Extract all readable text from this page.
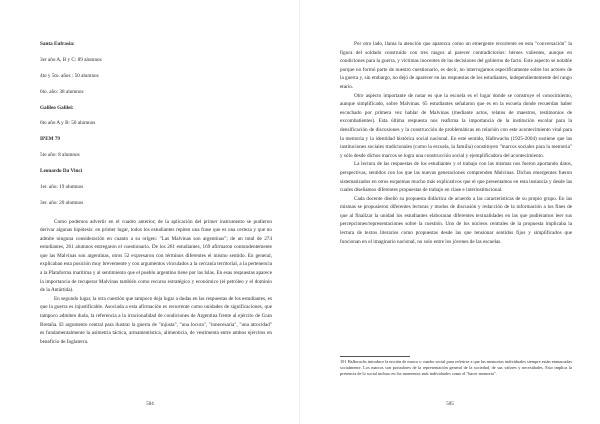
Santa Eufrasia:
3er año A, B y C: 89 alumnos
4to y 5to. años : 50 alumnos
6to. año: 38 alumnos
Galileo Galilei:
6to año A y B: 50 alumnos
IPEM 79
5to año: 8 alumnos
Leonardo Da Vinci
1er. año: 19 alumnos
3er. año: 20 alumnos

Como podemos advertir en el cuadro anterior, de la aplicación del primer instrumento se pudieron derivar algunas hipótesis: en primer lugar, todos los estudiantes repiten una frase que es una certeza y que no admite ninguna consideración en cuanto a su origen: "Las Malvinas son argentinas"; de un total de 274 estudiantes, 261 alumnos entregaron el cuestionario. De los 261 estudiantes, 169 afirmaron contundentemente que las Malvinas son argentinas, otros 52 expresaron con términos diferentes el mismo sentido. En general, explicaban esta posición muy brevemente y con argumentos vinculados a la cercanía territorial, a la pertenencia a la Plataforma marítima y al sentimiento que el pueblo argentino tiene por las Islas. En esas respuestas aparece la importancia de recuperar Malvinas también como recurso estratégico y económico (el petróleo y el dominio de la Antártida).

En segundo lugar, la otra cuestión que tampoco deja lugar a dudas en las respuestas de los estudiantes, es que la guerra es injustificable. Asociada a esta afirmación es recurrente como unidades de significaciones, que tampoco admiten duda, la referencia a la irracionalidad de condiciones de Argentina frente al ejército de Gran Bretaña. El argumento central para ilustrar la guerra de "injusta", "una locura", "innecesaria", "una atrocidad" es fundamentalmente la asimetría táctica, armamentística, alimenticia, de vestimenta entre ambos ejércitos en beneficio de Inglaterra.

504

Por otro lado, llama la atención que aparezca como un emergente recurrente en esta "conversación" la figura del soldado construido con tres rasgos al parecer contradictorios: héroes valientes, aunque en condiciones para la guerra, y víctimas inocentes de las decisiones del gobierno de facto. Este aspecto se notable porque no formó parte de nuestro cuestionario, es decir, no interrogamos específicamente sobre los actores de la guerra y, sin embargo, no dejó de aparecer en las respuestas de los estudiantes, independientemente del rango etario.

Otro aspecto importante de notar es que la escuela es el lugar donde se construye el conocimiento, aunque simplificado, sobre Malvinas. 65 estudiantes señalaron que es en la escuela donde recuerdan haber escuchado por primera vez hablar de Malvinas (mediante actos, relatos de maestros, testimonios de excombatientes). Esta última respuesta nos reafirma la importancia de la institución escolar para la densificación de discusiones y la construcción de problemáticas en relación con este acontecimiento vital para la memoria y la identidad histórica social nacional. En este sentido, Halbwachs (1925-2004) sostiene que las instituciones sociales tradicionales (como la escuela, la familia) constituyen "marcos sociales para la memoria" y sólo desde dichos marcos se logra una construcción social y ejemplificadora del acontecimiento.

La lectura de las respuestas de los estudiantes y el trabajo con las mismas nos fueron aportando datos, perspectivas, sentidos con los que las nuevas generaciones comprenden Malvinas. Dichos emergentes fueron sistematizados en otros esquemas mucho más explicativos que el que presentamos en esta instancia y desde las cuales diseñamos diferentes propuestas de trabajo en clase e interinstitucional.

Cada docente diseñó su propuesta didáctica de acuerdo a las características de su propio grupo. En las mismas se propusieron diferentes lecturas y modos de discusión y redacción de la información a los fines de que al finalizar la unidad los estudiantes elaboraran diferentes textualidades en las que pudiéramos leer sus percepciones/representaciones sobre la cuestión. Uno de los núcleos centrales de la propuesta implicaba la lectura de textos literarios como propuestas desde las que tensionar sentidos fijos y simplificados que funcionan en el imaginario nacional, no solo entre los jóvenes de las escuelas.

101 Halbwachs introduce la noción de marco o cuadro social para referirse a que las memorias individuales siempre están enmarcadas socialmente. Los marcos son portadores de la representación general de la sociedad, de sus valores y necesidades. Esto implica la presencia de lo social incluso en los momentos más individuales como el "hacer memoria".
505
